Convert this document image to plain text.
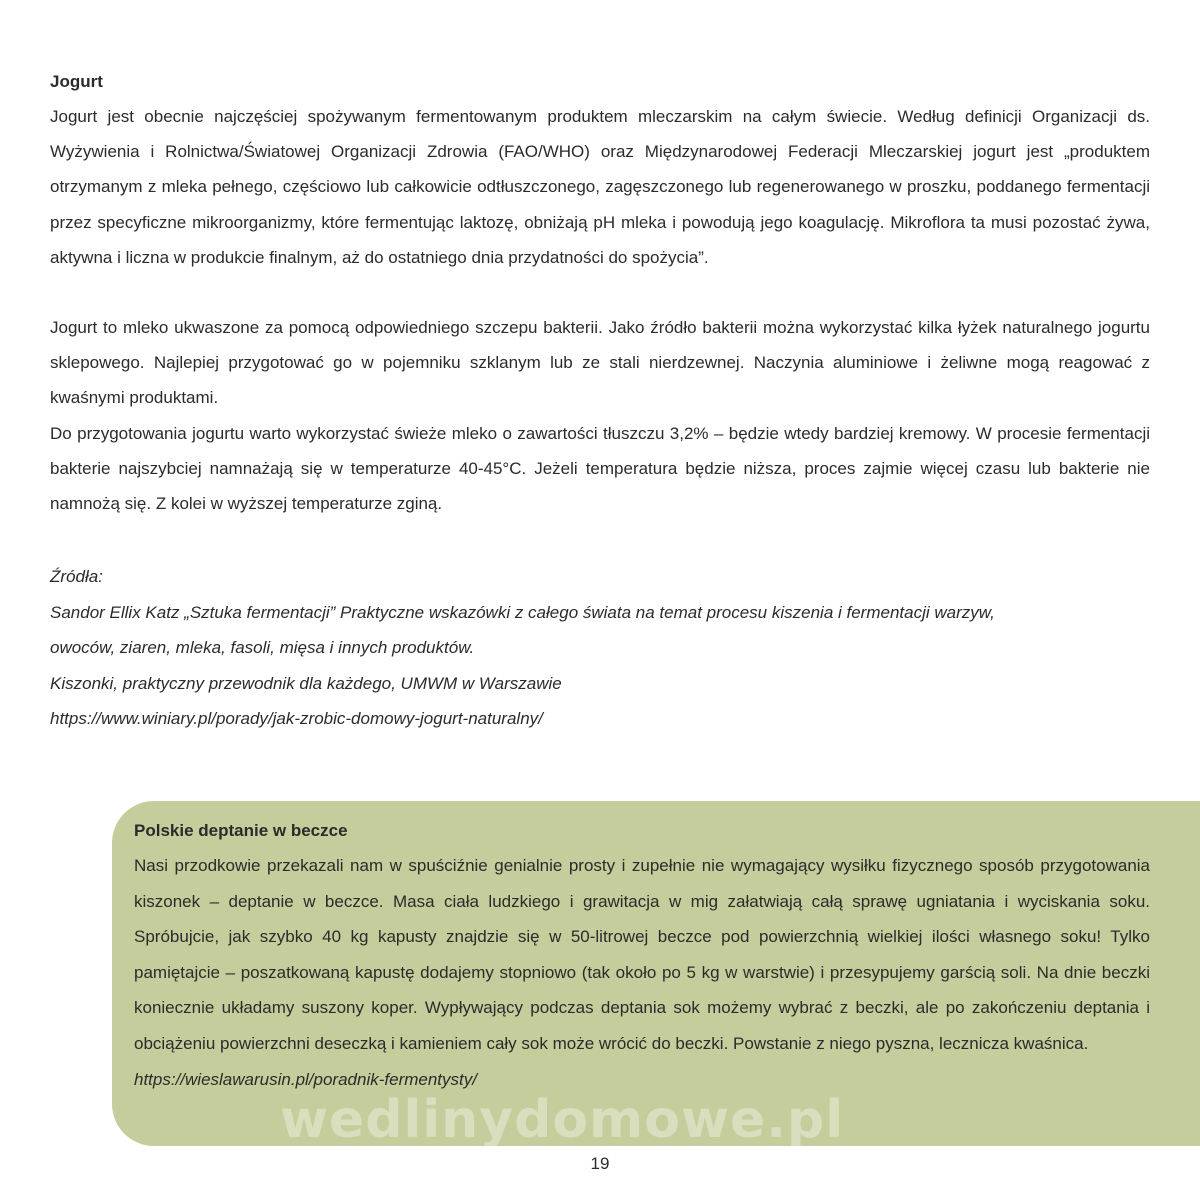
Jogurt

Jogurt jest obecnie najczęściej spożywanym fermentowanym produktem mleczarskim na całym świecie. Według definicji Organizacji ds. Wyżywienia i Rolnictwa/Światowej Organizacji Zdrowia (FAO/WHO) oraz Międzynarodowej Federacji Mleczarskiej jogurt jest „produktem otrzymanym z mleka pełnego, częściowo lub całkowicie odtłuszczonego, zagęszczonego lub regenerowanego w proszku, poddanego fermentacji przez specyficzne mikroorganizmy, które fermentując laktozę, obniżają pH mleka i powodują jego koagulację. Mikroflora ta musi pozostać żywa, aktywna i liczna w produkcie finalnym, aż do ostatniego dnia przydatności do spożycia”.

Jogurt to mleko ukwaszone za pomocą odpowiedniego szczepu bakterii. Jako źródło bakterii można wykorzystać kilka łyżek naturalnego jogurtu sklepowego. Najlepiej przygotować go w pojemniku szklanym lub ze stali nierdzewnej. Naczynia aluminiowe i żeliwne mogą reagować z kwaśnymi produktami.

Do przygotowania jogurtu warto wykorzystać świeże mleko o zawartości tłuszczu 3,2% – będzie wtedy bardziej kremowy. W procesie fermentacji bakterie najszybciej namnażają się w temperaturze 40-45°C. Jeżeli temperatura będzie niższa, proces zajmie więcej czasu lub bakterie nie namnożą się. Z kolei w wyższej temperaturze zginą.

Źródła:

Sandor Ellix Katz „Sztuka fermentacji” Praktyczne wskazówki z całego świata na temat procesu kiszenia i fermentacji warzyw,

owoców, ziaren, mleka, fasoli, mięsa i innych produktów.

Kiszonki, praktyczny przewodnik dla każdego, UMWM w Warszawie

https://www.winiary.pl/porady/jak-zrobic-domowy-jogurt-naturalny/

Polskie deptanie w beczce

Nasi przodkowie przekazali nam w spuściźnie genialnie prosty i zupełnie nie wymagający wysiłku fizycznego sposób przygotowania kiszonek – deptanie w beczce. Masa ciała ludzkiego i grawitacja w mig załatwiają całą sprawę ugniatania i wyciskania soku. Spróbujcie, jak szybko 40 kg kapusty znajdzie się w 50-litrowej beczce pod powierzchnią wielkiej ilości własnego soku! Tylko pamiętajcie – poszatkowaną kapustę dodajemy stopniowo (tak około po 5 kg w warstwie) i przesypujemy garścią soli. Na dnie beczki koniecznie układamy suszony koper. Wypływający podczas deptania sok możemy wybrać z beczki, ale po zakończeniu deptania i obciążeniu powierzchni deseczką i kamieniem cały sok może wrócić do beczki. Powstanie z niego pyszna, lecznicza kwaśnica.

https://wieslawarusin.pl/poradnik-fermentysty/

wedlinydomowe.pl
19
